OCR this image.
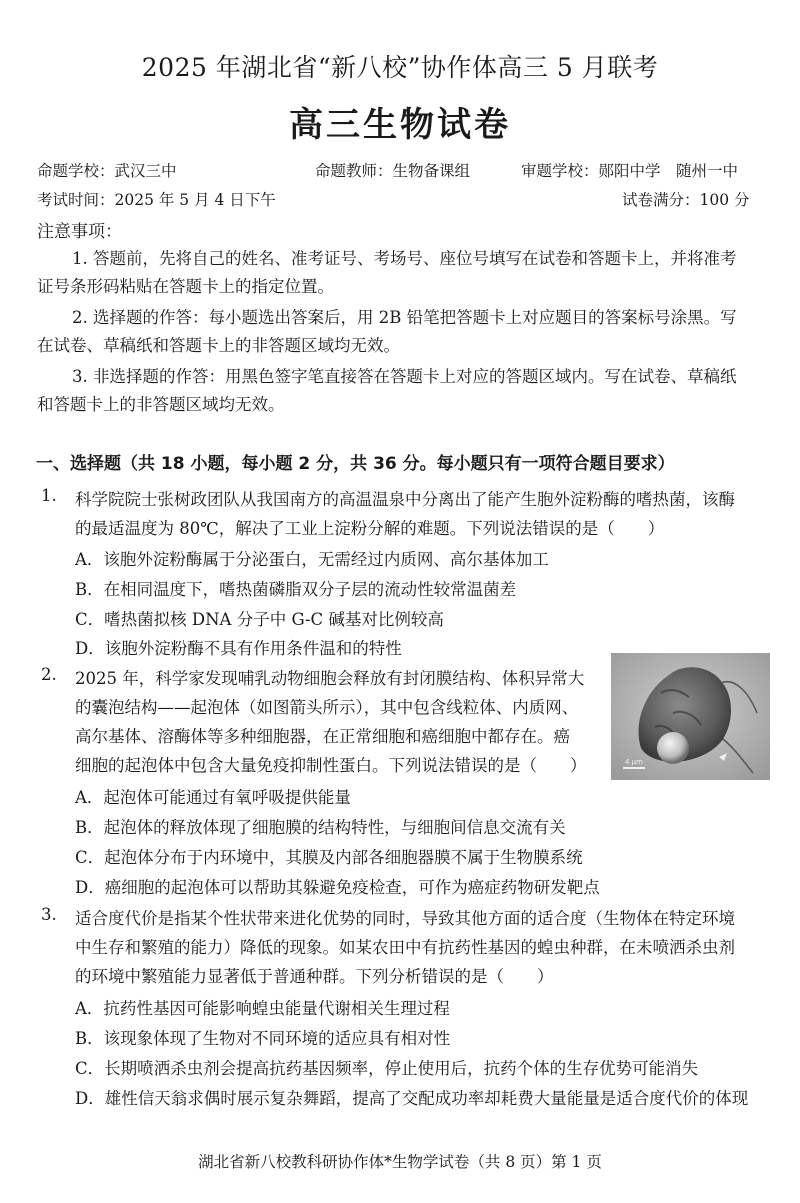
2025 年湖北省“新八校”协作体高三 5 月联考
高三生物试卷
命题学校：武汉三中	命题教师：生物备课组	审题学校：郧阳中学　随州一中
考试时间：2025 年 5 月 4 日下午	试卷满分：100 分
注意事项：
1. 答题前，先将自己的姓名、准考证号、考场号、座位号填写在试卷和答题卡上，并将准考
证号条形码粘贴在答题卡上的指定位置。
2. 选择题的作答：每小题选出答案后，用 2B 铅笔把答题卡上对应题目的答案标号涂黑。写
在试卷、草稿纸和答题卡上的非答题区域均无效。
3. 非选择题的作答：用黑色签字笔直接答在答题卡上对应的答题区域内。写在试卷、草稿纸
和答题卡上的非答题区域均无效。
一、选择题（共 18 小题，每小题 2 分，共 36 分。每小题只有一项符合题目要求）
1. 科学院院士张树政团队从我国南方的高温温泉中分离出了能产生胞外淀粉酶的嗜热菌，该酶
的最适温度为 80℃，解决了工业上淀粉分解的难题。下列说法错误的是（　　）
A．该胞外淀粉酶属于分泌蛋白，无需经过内质网、高尔基体加工
B．在相同温度下，嗜热菌磷脂双分子层的流动性较常温菌差
C．嗜热菌拟核 DNA 分子中 G-C 碱基对比例较高
D．该胞外淀粉酶不具有作用条件温和的特性
2. 2025 年，科学家发现哺乳动物细胞会释放有封闭膜结构、体积异常大
的囊泡结构——起泡体（如图箭头所示），其中包含线粒体、内质网、
高尔基体、溶酶体等多种细胞器，在正常细胞和癌细胞中都存在。癌
细胞的起泡体中包含大量免疫抑制性蛋白。下列说法错误的是（　　）	4 μm
A．起泡体可能通过有氧呼吸提供能量
B．起泡体的释放体现了细胞膜的结构特性，与细胞间信息交流有关
C．起泡体分布于内环境中，其膜及内部各细胞器膜不属于生物膜系统
D．癌细胞的起泡体可以帮助其躲避免疫检查，可作为癌症药物研发靶点
3. 适合度代价是指某个性状带来进化优势的同时，导致其他方面的适合度（生物体在特定环境
中生存和繁殖的能力）降低的现象。如某农田中有抗药性基因的蝗虫种群，在未喷洒杀虫剂
的环境中繁殖能力显著低于普通种群。下列分析错误的是（　　）
A．抗药性基因可能影响蝗虫能量代谢相关生理过程
B．该现象体现了生物对不同环境的适应具有相对性
C．长期喷洒杀虫剂会提高抗药基因频率，停止使用后，抗药个体的生存优势可能消失
D．雄性信天翁求偶时展示复杂舞蹈，提高了交配成功率却耗费大量能量是适合度代价的体现
湖北省新八校教科研协作体*生物学试卷（共 8 页）第 1 页
